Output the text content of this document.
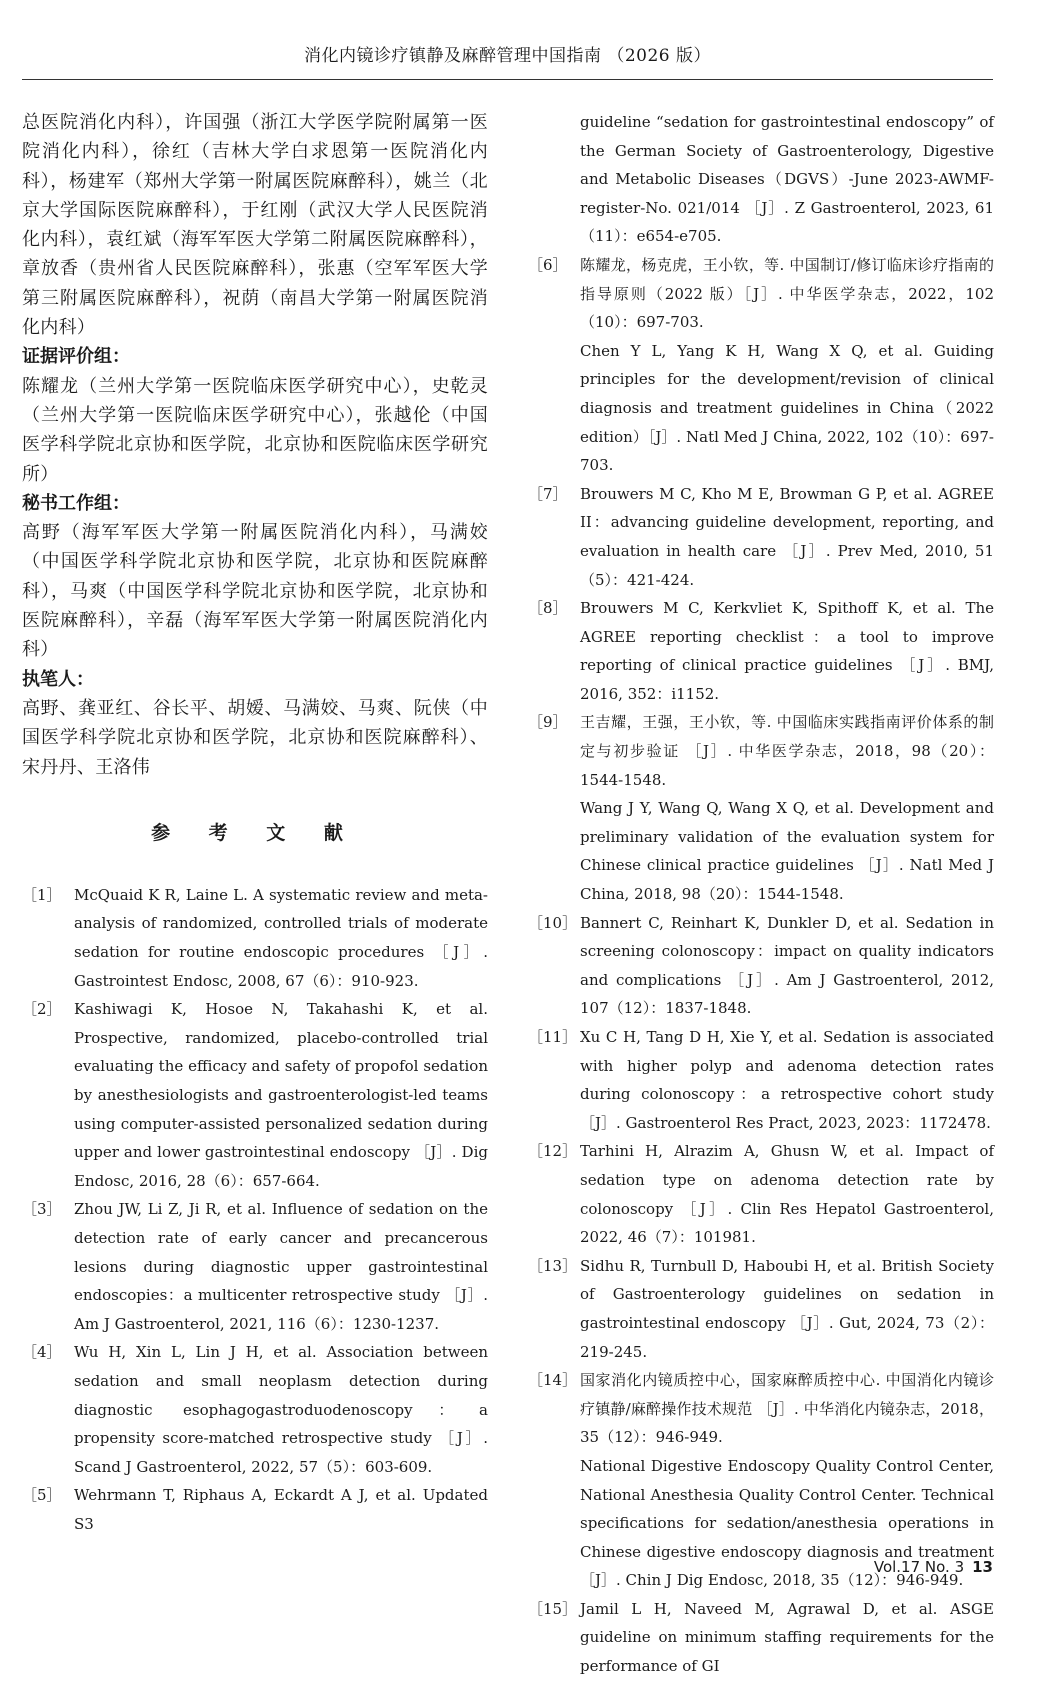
消化内镜诊疗镇静及麻醉管理中国指南 （2026 版）

总医院消化内科），许国强（浙江大学医学院附属第一医院消化内科），徐红（吉林大学白求恩第一医院消化内科），杨建军（郑州大学第一附属医院麻醉科），姚兰（北京大学国际医院麻醉科），于红刚（武汉大学人民医院消化内科），袁红斌（海军军医大学第二附属医院麻醉科），章放香（贵州省人民医院麻醉科），张惠（空军军医大学第三附属医院麻醉科），祝荫（南昌大学第一附属医院消化内科）

证据评价组：

陈耀龙（兰州大学第一医院临床医学研究中心），史乾灵（兰州大学第一医院临床医学研究中心），张越伦（中国医学科学院北京协和医学院，北京协和医院临床医学研究所）

秘书工作组：

高野（海军军医大学第一附属医院消化内科），马满姣（中国医学科学院北京协和医学院，北京协和医院麻醉科），马爽（中国医学科学院北京协和医学院，北京协和医院麻醉科），辛磊（海军军医大学第一附属医院消化内科）

执笔人：

高野、龚亚红、谷长平、胡嫒、马满姣、马爽、阮侠（中国医学科学院北京协和医学院，北京协和医院麻醉科）、宋丹丹、王洛伟

参 考 文 献
［1］ McQuaid K R, Laine L. A systematic review and meta-analysis of randomized, controlled trials of moderate sedation for routine endoscopic procedures ［J］. Gastrointest Endosc, 2008, 67（6）：910-923.
［2］ Kashiwagi K, Hosoe N, Takahashi K, et al. Prospective, randomized, placebo-controlled trial evaluating the efficacy and safety of propofol sedation by anesthesiologists and gastroenterologist-led teams using computer-assisted personalized sedation during upper and lower gastrointestinal endoscopy ［J］. Dig Endosc, 2016, 28（6）：657-664.
［3］ Zhou JW, Li Z, Ji R, et al. Influence of sedation on the detection rate of early cancer and precancerous lesions during diagnostic upper gastrointestinal endoscopies：a multicenter retrospective study ［J］. Am J Gastroenterol, 2021, 116（6）：1230-1237.
［4］ Wu H, Xin L, Lin J H, et al. Association between sedation and small neoplasm detection during diagnostic esophagogastroduodenoscopy：a propensity score-matched retrospective study ［J］. Scand J Gastroenterol, 2022, 57（5）：603-609.
［5］ Wehrmann T, Riphaus A, Eckardt A J, et al. Updated S3
guideline “sedation for gastrointestinal endoscopy” of the German Society of Gastroenterology, Digestive and Metabolic Diseases（DGVS）-June 2023-AWMF-register-No. 021/014 ［J］. Z Gastroenterol, 2023, 61（11）：e654-e705.
［6］ 陈耀龙，杨克虎，王小钦，等. 中国制订/修订临床诊疗指南的指导原则（2022 版）［J］. 中华医学杂志，2022，102（10）：697-703.
Chen Y L, Yang K H, Wang X Q, et al. Guiding principles for the development/revision of clinical diagnosis and treatment guidelines in China（2022 edition）［J］. Natl Med J China, 2022, 102（10）：697-703.
［7］ Brouwers M C, Kho M E, Browman G P, et al. AGREE II：advancing guideline development, reporting, and evaluation in health care ［J］. Prev Med, 2010, 51（5）：421-424.
［8］ Brouwers M C, Kerkvliet K, Spithoff K, et al. The AGREE reporting checklist：a tool to improve reporting of clinical practice guidelines ［J］. BMJ, 2016, 352：i1152.
［9］ 王吉耀，王强，王小钦，等. 中国临床实践指南评价体系的制定与初步验证 ［J］. 中华医学杂志，2018，98（20）：1544-1548.
Wang J Y, Wang Q, Wang X Q, et al. Development and preliminary validation of the evaluation system for Chinese clinical practice guidelines ［J］. Natl Med J China, 2018, 98（20）：1544-1548.
［10］ Bannert C, Reinhart K, Dunkler D, et al. Sedation in screening colonoscopy：impact on quality indicators and complications ［J］. Am J Gastroenterol, 2012, 107（12）：1837-1848.
［11］ Xu C H, Tang D H, Xie Y, et al. Sedation is associated with higher polyp and adenoma detection rates during colonoscopy：a retrospective cohort study ［J］. Gastroenterol Res Pract, 2023, 2023：1172478.
［12］ Tarhini H, Alrazim A, Ghusn W, et al. Impact of sedation type on adenoma detection rate by colonoscopy ［J］. Clin Res Hepatol Gastroenterol, 2022, 46（7）：101981.
［13］ Sidhu R, Turnbull D, Haboubi H, et al. British Society of Gastroenterology guidelines on sedation in gastrointestinal endoscopy ［J］. Gut, 2024, 73（2）：219-245.
［14］ 国家消化内镜质控中心，国家麻醉质控中心. 中国消化内镜诊疗镇静/麻醉操作技术规范 ［J］. 中华消化内镜杂志，2018，35（12）：946-949.
National Digestive Endoscopy Quality Control Center, National Anesthesia Quality Control Center. Technical specifications for sedation/anesthesia operations in Chinese digestive endoscopy diagnosis and treatment ［J］. Chin J Dig Endosc, 2018, 35（12）：946-949.
［15］ Jamil L H, Naveed M, Agrawal D, et al. ASGE guideline on minimum staffing requirements for the performance of GI
Vol.17 No. 3 13
